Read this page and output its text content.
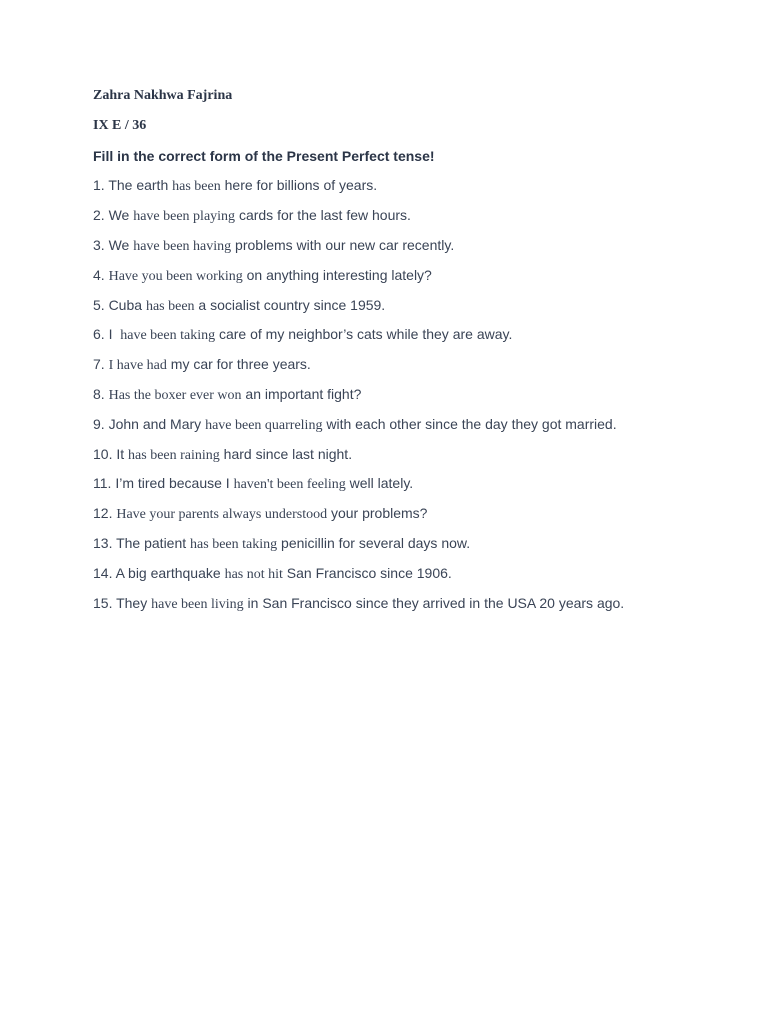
Zahra Nakhwa Fajrina
IX E / 36
Fill in the correct form of the Present Perfect tense!
1. The earth has been here for billions of years.
2. We have been playing cards for the last few hours.
3. We have been having problems with our new car recently.
4. Have you been working on anything interesting lately?
5. Cuba has been a socialist country since 1959.
6. I  have been taking care of my neighbor’s cats while they are away.
7. I have had my car for three years.
8. Has the boxer ever won an important fight?
9. John and Mary have been quarreling with each other since the day they got married.
10. It has been raining hard since last night.
11. I’m tired because I haven't been feeling well lately.
12. Have your parents always understood your problems?
13. The patient has been taking penicillin for several days now.
14. A big earthquake has not hit San Francisco since 1906.
15. They have been living in San Francisco since they arrived in the USA 20 years ago.
